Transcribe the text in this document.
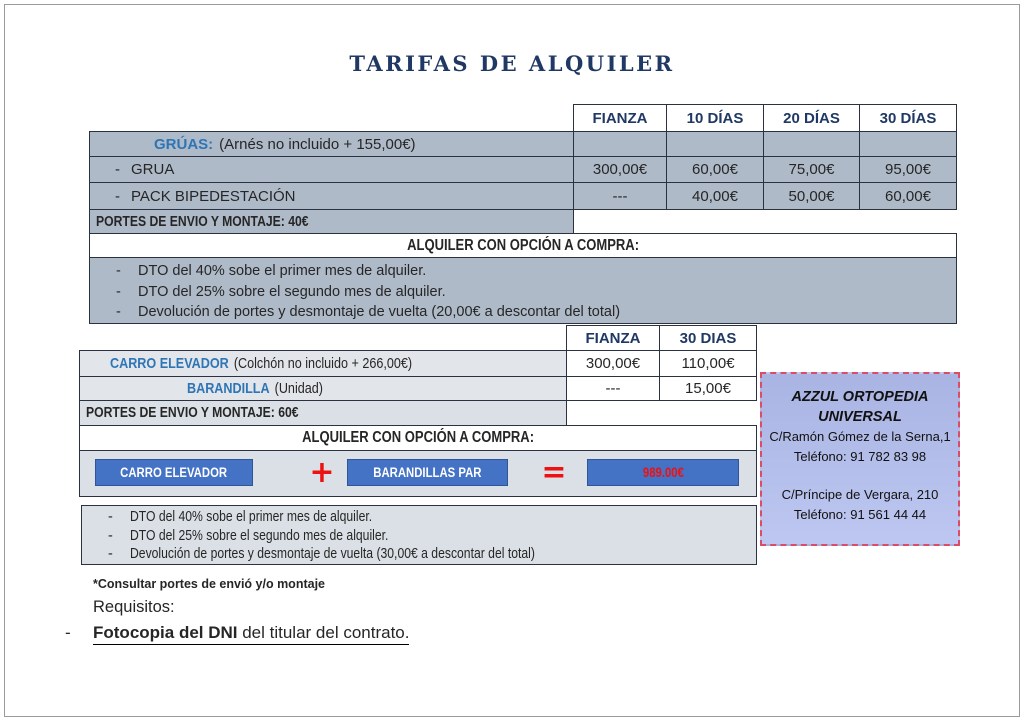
TARIFAS DE ALQUILER
	FIANZA	10 DÍAS	20 DÍAS	30 DÍAS
GRÚAS: (Arnés no incluido + 155,00€)				
- GRUA	300,00€	60,00€	75,00€	95,00€
- PACK BIPEDESTACIÓN	---	40,00€	50,00€	60,00€
PORTES DE ENVIO Y MONTAJE: 40€				
ALQUILER CON OPCIÓN A COMPRA:				

-	DTO del 40% sobe el primer mes de alquiler.
-	DTO del 25% sobre el segundo mes de alquiler.
-	Devolución de portes y desmontaje de vuelta (20,00€ a descontar del total)
	FIANZA	30 DIAS
CARRO ELEVADOR (Colchón no incluido + 266,00€)	300,00€	110,00€
BARANDILLA (Unidad)	---	15,00€
PORTES DE ENVIO Y MONTAJE: 60€		
ALQUILER CON OPCIÓN A COMPRA:		

CARRO ELEVADOR + BARANDILLAS PAR = 989.00€		
-	DTO del 40% sobe el primer mes de alquiler.
-	DTO del 25% sobre el segundo mes de alquiler.
-	Devolución de portes y desmontaje de vuelta (30,00€ a descontar del total)
AZZUL ORTOPEDIA
UNIVERSAL
C/Ramón Gómez de la Serna,1
Teléfono: 91 782 83 98
C/Príncipe de Vergara, 210
Teléfono: 91 561 44 44
*Consultar portes de envió y/o montaje
Requisitos:
-	Fotocopia del DNI del titular del contrato.
